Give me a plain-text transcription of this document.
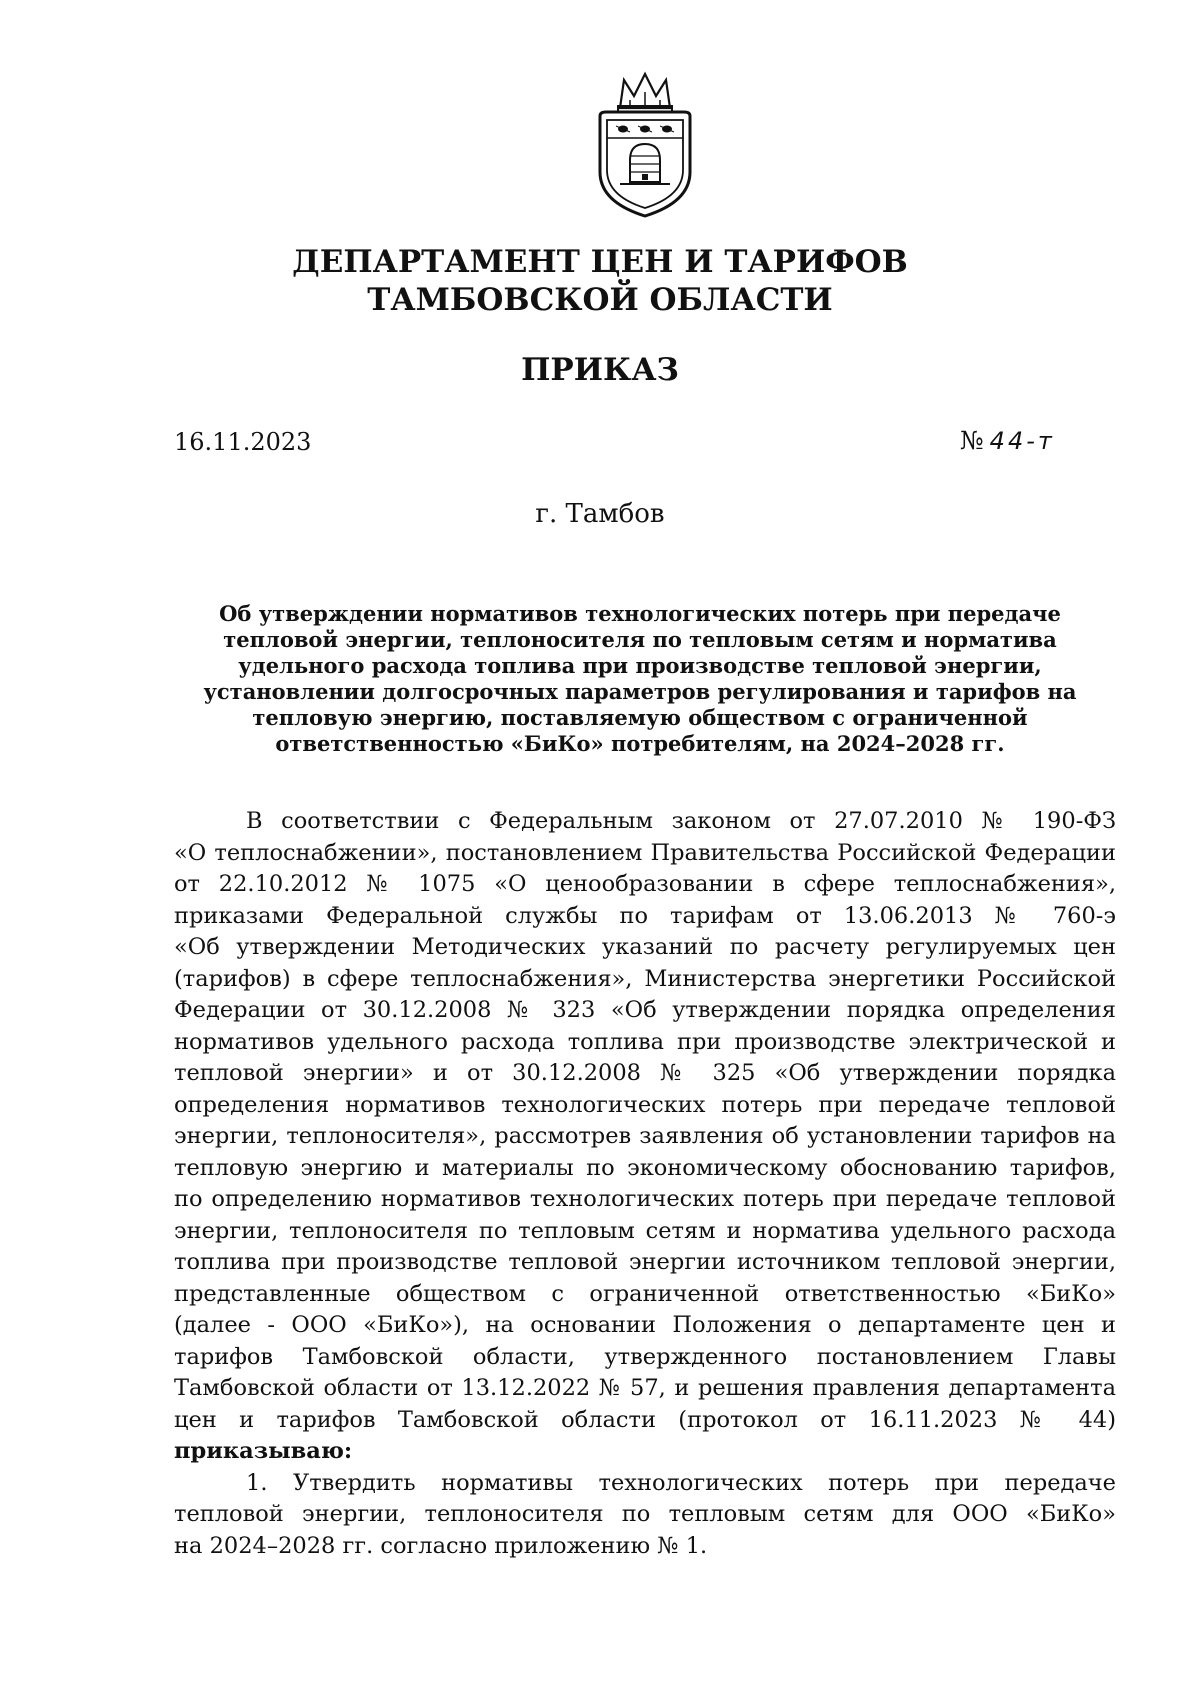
ДЕПАРТАМЕНТ ЦЕН И ТАРИФОВ
ТАМБОВСКОЙ ОБЛАСТИ
ПРИКАЗ
16.11.2023	№ 44-т
г. Тамбов
Об утверждении нормативов технологических потерь при передаче
тепловой энергии, теплоносителя по тепловым сетям и норматива
удельного расхода топлива при производстве тепловой энергии,
установлении долгосрочных параметров регулирования и тарифов на
тепловую энергию, поставляемую обществом с ограниченной
ответственностью «БиКо» потребителям, на 2024–2028 гг.
В соответствии с Федеральным законом от 27.07.2010 № 190-ФЗ
«О теплоснабжении», постановлением Правительства Российской Федерации
от 22.10.2012 № 1075 «О ценообразовании в сфере теплоснабжения»,
приказами Федеральной службы по тарифам от 13.06.2013 № 760-э
«Об утверждении Методических указаний по расчету регулируемых цен
(тарифов) в сфере теплоснабжения», Министерства энергетики Российской
Федерации от 30.12.2008 № 323 «Об утверждении порядка определения
нормативов удельного расхода топлива при производстве электрической и
тепловой энергии» и от 30.12.2008 № 325 «Об утверждении порядка
определения нормативов технологических потерь при передаче тепловой
энергии, теплоносителя», рассмотрев заявления об установлении тарифов на
тепловую энергию и материалы по экономическому обоснованию тарифов,
по определению нормативов технологических потерь при передаче тепловой
энергии, теплоносителя по тепловым сетям и норматива удельного расхода
топлива при производстве тепловой энергии источником тепловой энергии,
представленные обществом с ограниченной ответственностью «БиКо»
(далее - ООО «БиКо»), на основании Положения о департаменте цен и
тарифов Тамбовской области, утвержденного постановлением Главы
Тамбовской области от 13.12.2022 № 57, и решения правления департамента
цен и тарифов Тамбовской области (протокол от 16.11.2023 № 44)
приказываю:
1. Утвердить нормативы технологических потерь при передаче
тепловой энергии, теплоносителя по тепловым сетям для ООО «БиКо»
на 2024–2028 гг. согласно приложению № 1.
